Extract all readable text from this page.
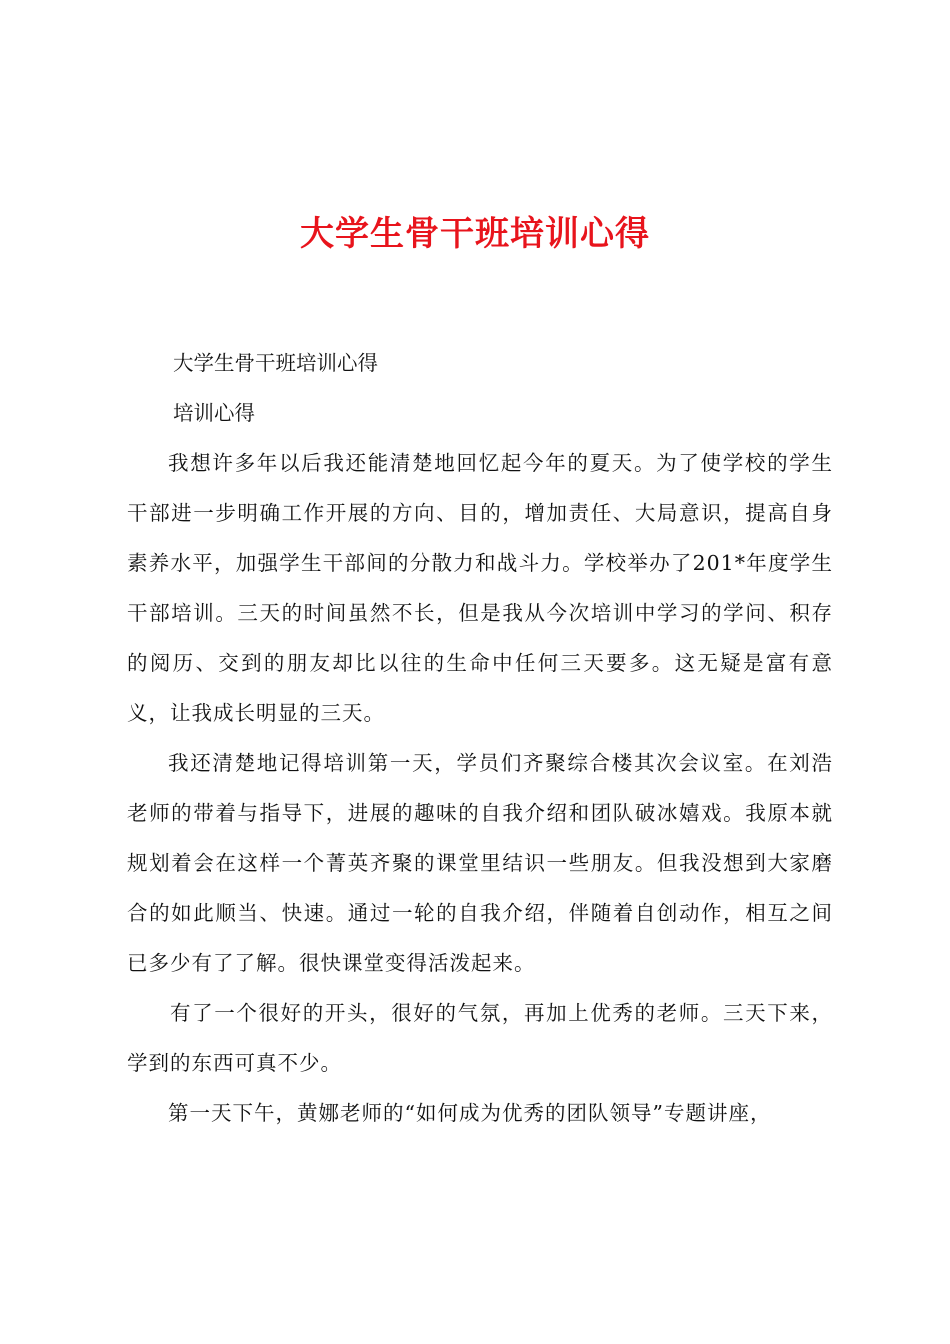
大学生骨干班培训心得

大学生骨干班培训心得

培训心得

我想许多年以后我还能清楚地回忆起今年的夏天。为了使学校的学生干部进一步明确工作开展的方向、目的，增加责任、大局意识，提高自身素养水平，加强学生干部间的分散力和战斗力。学校举办了201*年度学生干部培训。三天的时间虽然不长，但是我从今次培训中学习的学问、积存的阅历、交到的朋友却比以往的生命中任何三天要多。这无疑是富有意义，让我成长明显的三天。

我还清楚地记得培训第一天，学员们齐聚综合楼其次会议室。在刘浩老师的带着与指导下，进展的趣味的自我介绍和团队破冰嬉戏。我原本就规划着会在这样一个菁英齐聚的课堂里结识一些朋友。但我没想到大家磨合的如此顺当、快速。通过一轮的自我介绍，伴随着自创动作，相互之间已多少有了了解。很快课堂变得活泼起来。

有了一个很好的开头，很好的气氛，再加上优秀的老师。三天下来，学到的东西可真不少。

第一天下午，黄娜老师的“如何成为优秀的团队领导”专题讲座，
